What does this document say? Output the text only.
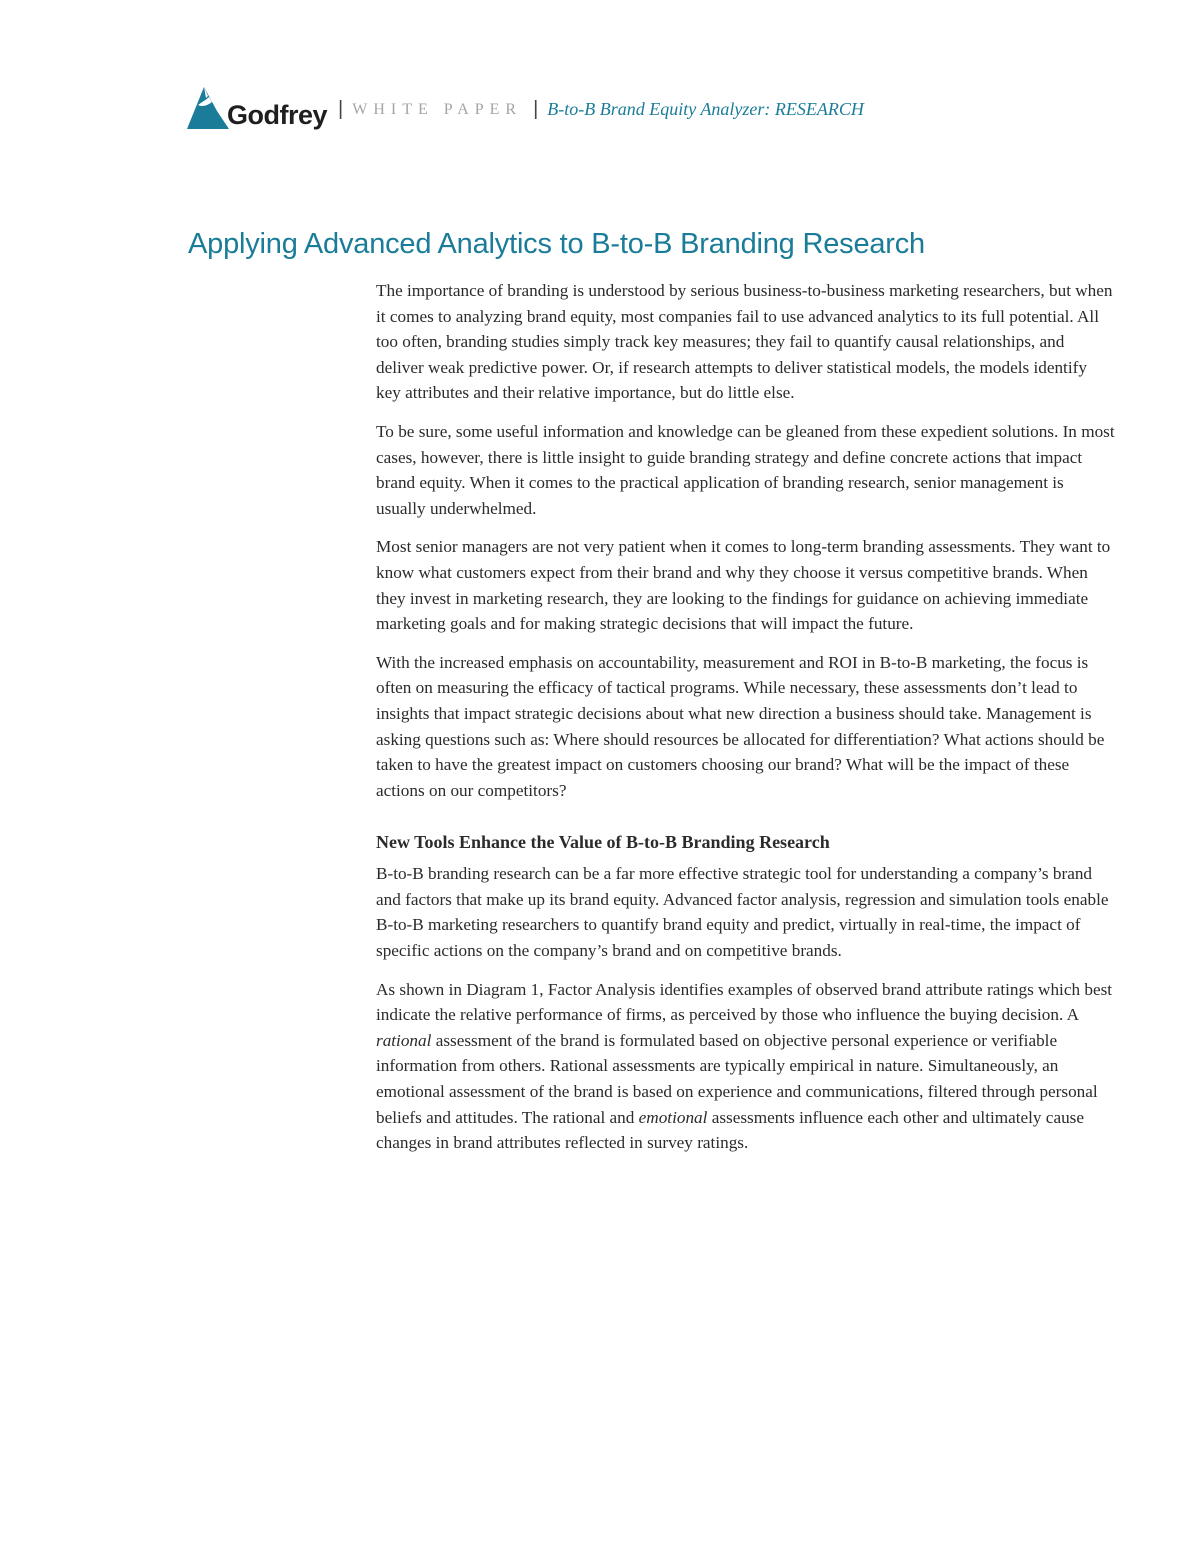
Godfrey | WHITE PAPER | B-to-B Brand Equity Analyzer: RESEARCH
Applying Advanced Analytics to B-to-B Branding Research

The importance of branding is understood by serious business-to-business marketing researchers, but when it comes to analyzing brand equity, most companies fail to use advanced analytics to its full potential. All too often, branding studies simply track key measures; they fail to quantify causal relationships, and deliver weak predictive power. Or, if research attempts to deliver statistical models, the models identify key attributes and their relative importance, but do little else.

To be sure, some useful information and knowledge can be gleaned from these expedient solutions. In most cases, however, there is little insight to guide branding strategy and define concrete actions that impact brand equity. When it comes to the practical application of branding research, senior management is usually underwhelmed.

Most senior managers are not very patient when it comes to long-term branding assessments. They want to know what customers expect from their brand and why they choose it versus competitive brands. When they invest in marketing research, they are looking to the findings for guidance on achieving immediate marketing goals and for making strategic decisions that will impact the future.

With the increased emphasis on accountability, measurement and ROI in B-to-B marketing, the focus is often on measuring the efficacy of tactical programs. While necessary, these assessments don’t lead to insights that impact strategic decisions about what new direction a business should take. Management is asking questions such as: Where should resources be allocated for differentiation? What actions should be taken to have the greatest impact on customers choosing our brand? What will be the impact of these actions on our competitors?

New Tools Enhance the Value of B-to-B Branding Research

B-to-B branding research can be a far more effective strategic tool for understanding a company’s brand and factors that make up its brand equity. Advanced factor analysis, regression and simulation tools enable B-to-B marketing researchers to quantify brand equity and predict, virtually in real-time, the impact of specific actions on the company’s brand and on competitive brands.

As shown in Diagram 1, Factor Analysis identifies examples of observed brand attribute ratings which best indicate the relative performance of firms, as perceived by those who influence the buying decision. A rational assessment of the brand is formulated based on objective personal experience or verifiable information from others. Rational assessments are typically empirical in nature. Simultaneously, an emotional assessment of the brand is based on experience and communications, filtered through personal beliefs and attitudes. The rational and emotional assessments influence each other and ultimately cause changes in brand attributes reflected in survey ratings.
